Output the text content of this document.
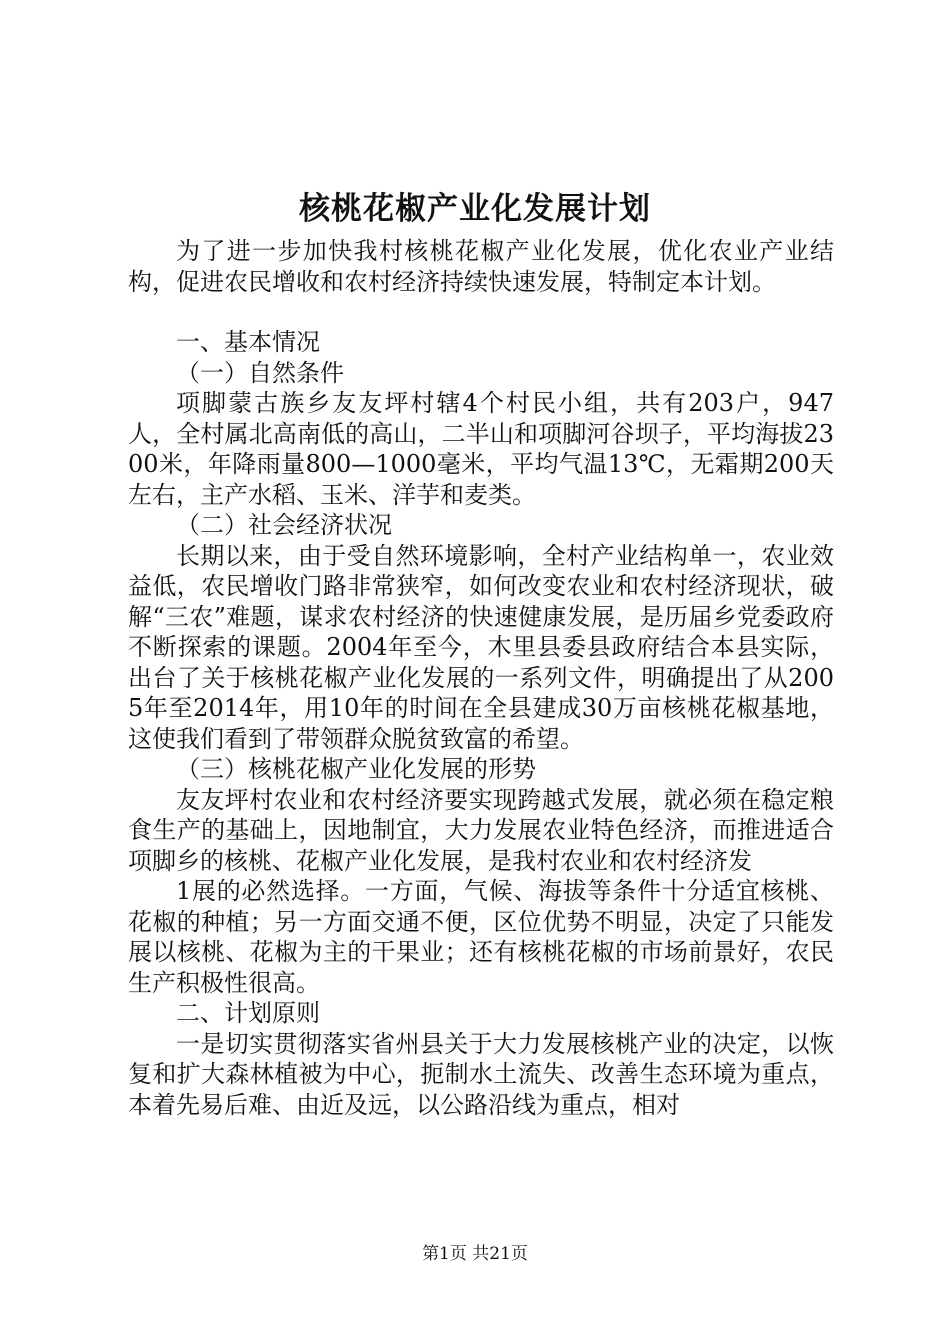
核桃花椒产业化发展计划

为了进一步加快我村核桃花椒产业化发展，优化农业产业结构，促进农民增收和农村经济持续快速发展，特制定本计划。

一、基本情况

（一）自然条件

项脚蒙古族乡友友坪村辖4个村民小组，共有203户，947人，全村属北高南低的高山，二半山和项脚河谷坝子，平均海拔2300米，年降雨量800—1000毫米，平均气温13℃，无霜期200天左右，主产水稻、玉米、洋芋和麦类。

（二）社会经济状况

长期以来，由于受自然环境影响，全村产业结构单一，农业效益低，农民增收门路非常狭窄，如何改变农业和农村经济现状，破解“三农”难题，谋求农村经济的快速健康发展，是历届乡党委政府不断探索的课题。2004年至今，木里县委县政府结合本县实际，出台了关于核桃花椒产业化发展的一系列文件，明确提出了从2005年至2014年，用10年的时间在全县建成30万亩核桃花椒基地，这使我们看到了带领群众脱贫致富的希望。

（三）核桃花椒产业化发展的形势

友友坪村农业和农村经济要实现跨越式发展，就必须在稳定粮食生产的基础上，因地制宜，大力发展农业特色经济，而推进适合项脚乡的核桃、花椒产业化发展，是我村农业和农村经济发

1展的必然选择。一方面，气候、海拔等条件十分适宜核桃、花椒的种植；另一方面交通不便，区位优势不明显，决定了只能发展以核桃、花椒为主的干果业；还有核桃花椒的市场前景好，农民生产积极性很高。

二、计划原则

一是切实贯彻落实省州县关于大力发展核桃产业的决定，以恢复和扩大森林植被为中心，扼制水土流失、改善生态环境为重点，本着先易后难、由近及远，以公路沿线为重点，相对

第1页 共21页
